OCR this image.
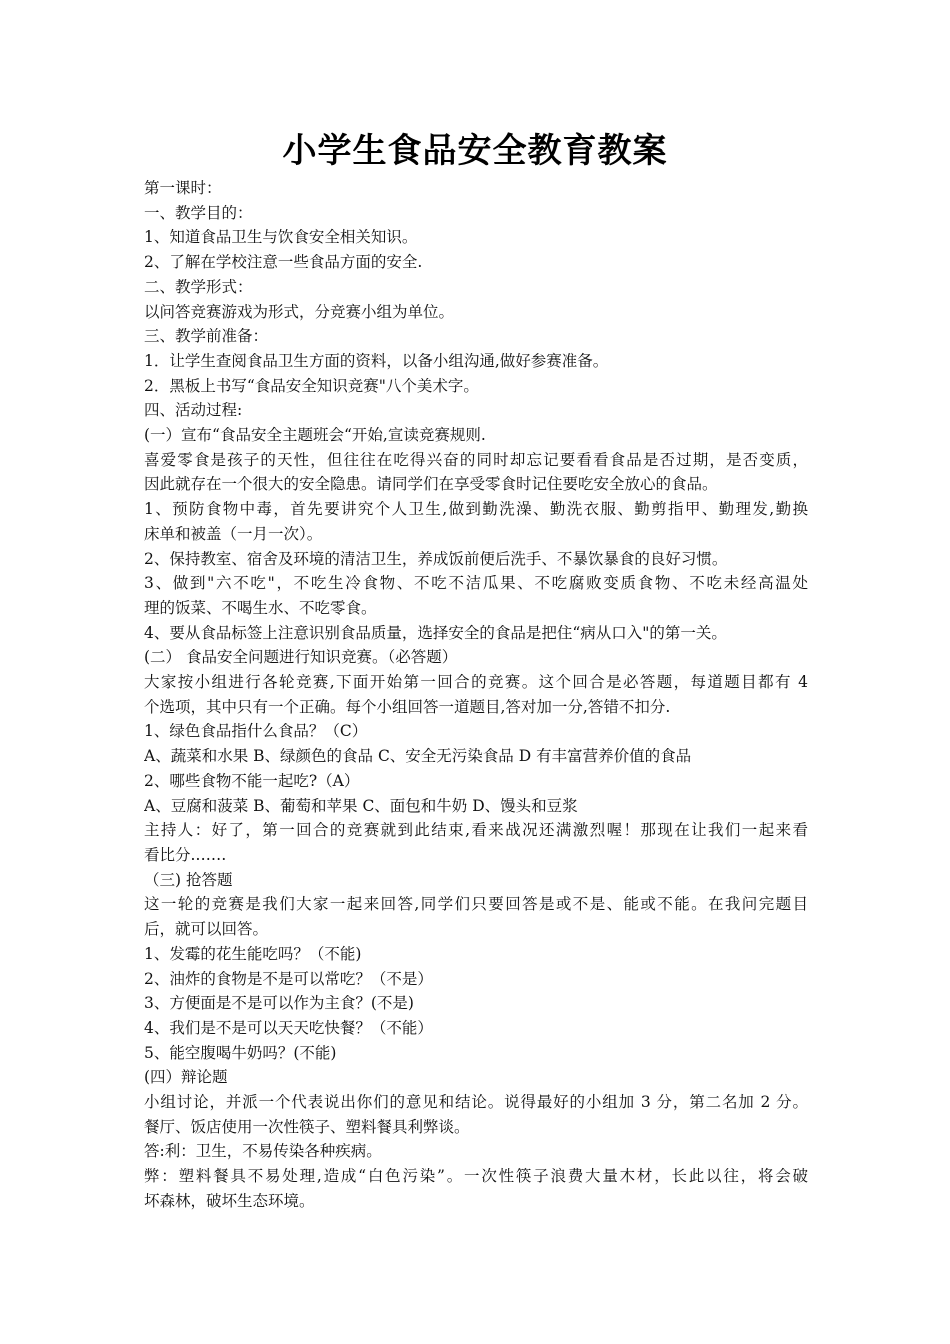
小学生食品安全教育教案
第一课时：
一、教学目的：
1、知道食品卫生与饮食安全相关知识。
2、了解在学校注意一些食品方面的安全.
二、教学形式：
以问答竞赛游戏为形式，分竞赛小组为单位。
三、教学前准备：
1．让学生查阅食品卫生方面的资料，以备小组沟通,做好参赛准备。
2．黑板上书写“食品安全知识竞赛"八个美术字。
四、活动过程:
(一）宣布“食品安全主题班会“开始,宣读竞赛规则.
喜爱零食是孩子的天性，但往往在吃得兴奋的同时却忘记要看看食品是否过期，是否变质，
因此就存在一个很大的安全隐患。请同学们在享受零食时记住要吃安全放心的食品。
1、预防食物中毒，首先要讲究个人卫生,做到勤洗澡、勤洗衣服、勤剪指甲、勤理发,勤换
床单和被盖（一月一次）。
2、保持教室、宿舍及环境的清洁卫生，养成饭前便后洗手、不暴饮暴食的良好习惯。
3、做到"六不吃"，不吃生冷食物、不吃不洁瓜果、不吃腐败变质食物、不吃未经高温处
理的饭菜、不喝生水、不吃零食。
4、要从食品标签上注意识别食品质量，选择安全的食品是把住“病从口入"的第一关。
(二） 食品安全问题进行知识竞赛。（必答题）
大家按小组进行各轮竞赛,下面开始第一回合的竞赛。这个回合是必答题，每道题目都有 4
个选项，其中只有一个正确。每个小组回答一道题目,答对加一分,答错不扣分.
1、绿色食品指什么食品？（C）
A、蔬菜和水果 B、绿颜色的食品 C、安全无污染食品 D 有丰富营养价值的食品
2、哪些食物不能一起吃?（A）
A、豆腐和菠菜 B、葡萄和苹果 C、面包和牛奶 D、馒头和豆浆
主持人：好了，第一回合的竞赛就到此结束,看来战况还满激烈喔！那现在让我们一起来看
看比分.……
（三) 抢答题
这一轮的竞赛是我们大家一起来回答,同学们只要回答是或不是、能或不能。在我问完题目
后，就可以回答。
1、发霉的花生能吃吗？（不能)
2、油炸的食物是不是可以常吃？（不是）
3、方便面是不是可以作为主食？(不是)
4、我们是不是可以天天吃快餐？（不能）
5、能空腹喝牛奶吗？(不能)
(四）辩论题
小组讨论，并派一个代表说出你们的意见和结论。说得最好的小组加 3 分，第二名加 2 分。
餐厅、饭店使用一次性筷子、塑料餐具利弊谈。
答:利：卫生，不易传染各种疾病。
弊：塑料餐具不易处理,造成“白色污染”。一次性筷子浪费大量木材，长此以往，将会破
坏森林，破坏生态环境。
